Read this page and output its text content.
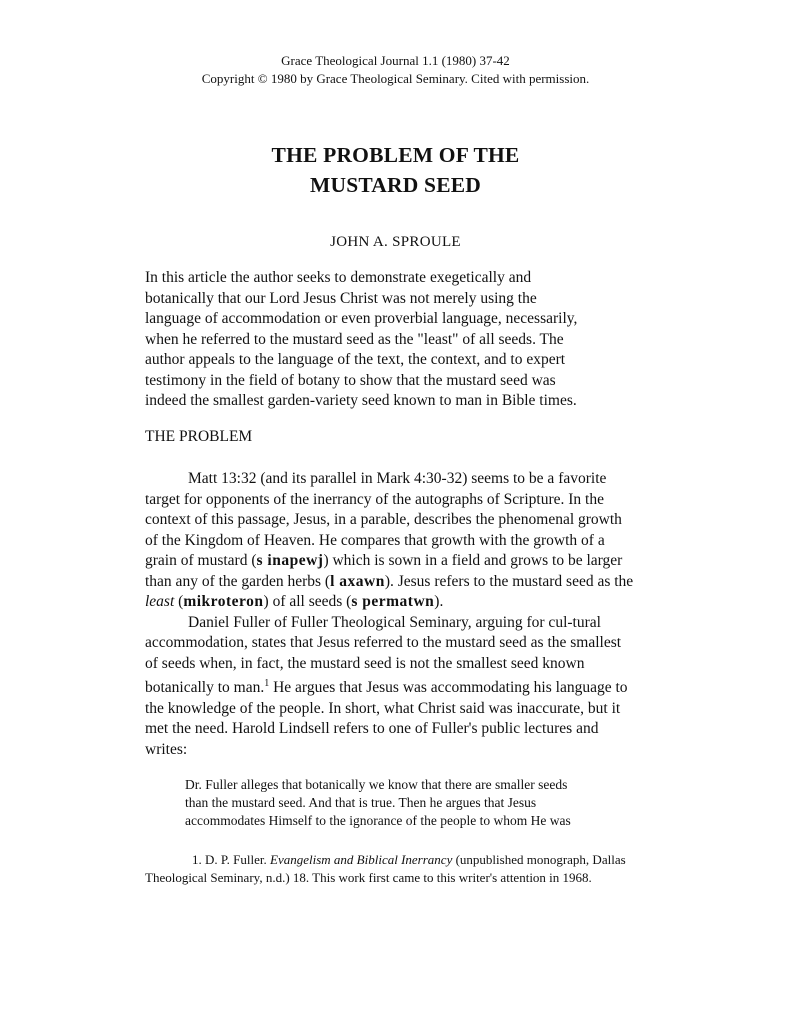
Grace Theological Journal 1.1 (1980) 37-42
Copyright © 1980 by Grace Theological Seminary. Cited with permission.
THE PROBLEM OF THE
MUSTARD SEED
JOHN A. SPROULE
In this article the author seeks to demonstrate exegetically and
botanically that our Lord Jesus Christ was not merely using the
language of accommodation or even proverbial language, necessarily,
when he referred to the mustard seed as the "least" of all seeds. The
author appeals to the language of the text, the context, and to expert
testimony in the field of botany to show that the mustard seed was
indeed the smallest garden-variety seed known to man in Bible times.
THE PROBLEM

Matt 13:32 (and its parallel in Mark 4:30-32) seems to be a favorite target for opponents of the inerrancy of the autographs of Scripture. In the context of this passage, Jesus, in a parable, describes the phenomenal growth of the Kingdom of Heaven. He compares that growth with the growth of a grain of mustard (s inapewj) which is sown in a field and grows to be larger than any of the garden herbs (l axawn). Jesus refers to the mustard seed as the least (mikroteron) of all seeds (s permatwn).

Daniel Fuller of Fuller Theological Seminary, arguing for cul-tural accommodation, states that Jesus referred to the mustard seed as the smallest of seeds when, in fact, the mustard seed is not the smallest seed known botanically to man.$^1$ He argues that Jesus was accommodating his language to the knowledge of the people. In short, what Christ said was inaccurate, but it met the need. Harold Lindsell refers to one of Fuller's public lectures and writes:

Dr. Fuller alleges that botanically we know that there are smaller seeds
than the mustard seed. And that is true. Then he argues that Jesus
accommodates Himself to the ignorance of the people to whom He was
1. D. P. Fuller. Evangelism and Biblical Inerrancy (unpublished monograph, Dallas Theological Seminary, n.d.) 18. This work first came to this writer's attention in 1968.
